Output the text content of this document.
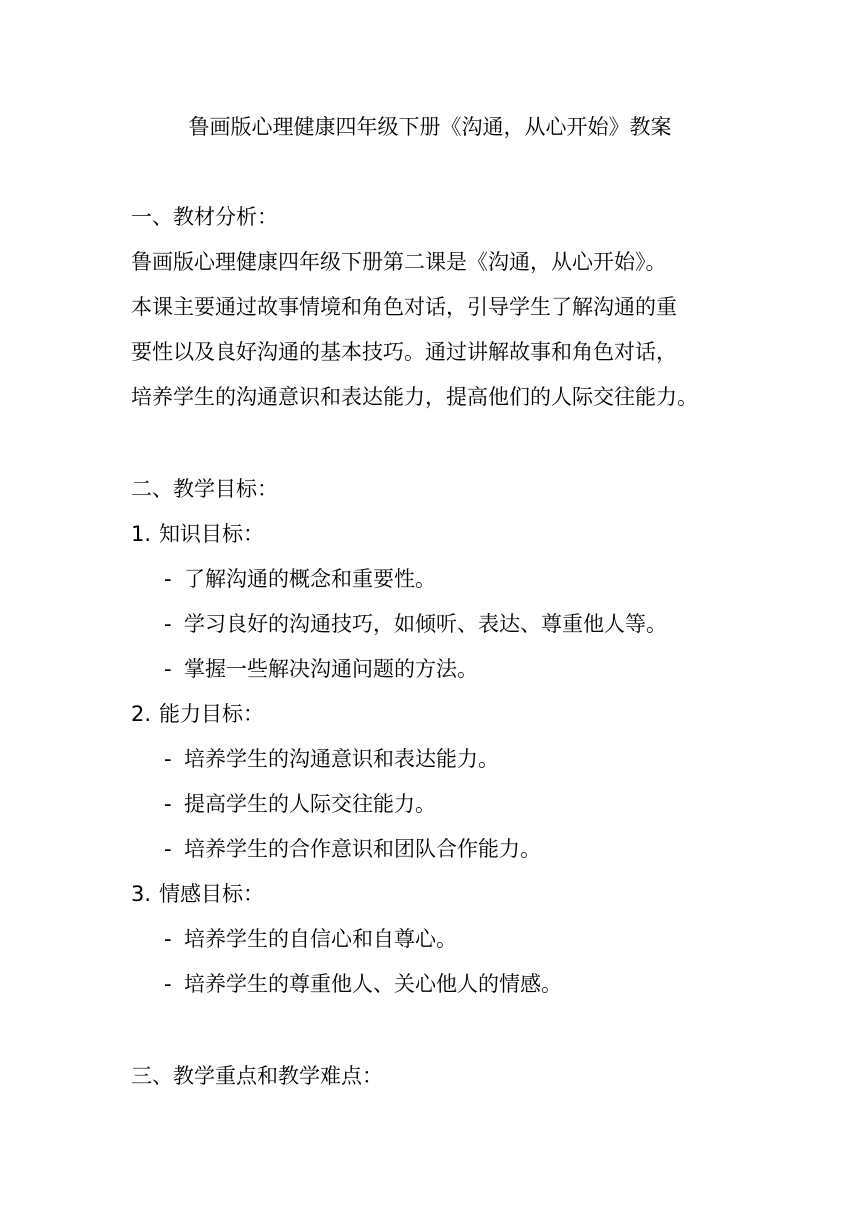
鲁画版心理健康四年级下册《沟通，从心开始》教案
一、教材分析：
鲁画版心理健康四年级下册第二课是《沟通，从心开始》。
本课主要通过故事情境和角色对话，引导学生了解沟通的重
要性以及良好沟通的基本技巧。通过讲解故事和角色对话，
培养学生的沟通意识和表达能力，提高他们的人际交往能力。
二、教学目标：
1. 知识目标：
- 了解沟通的概念和重要性。
- 学习良好的沟通技巧，如倾听、表达、尊重他人等。
- 掌握一些解决沟通问题的方法。
2. 能力目标：
- 培养学生的沟通意识和表达能力。
- 提高学生的人际交往能力。
- 培养学生的合作意识和团队合作能力。
3. 情感目标：
- 培养学生的自信心和自尊心。
- 培养学生的尊重他人、关心他人的情感。
三、教学重点和教学难点：
